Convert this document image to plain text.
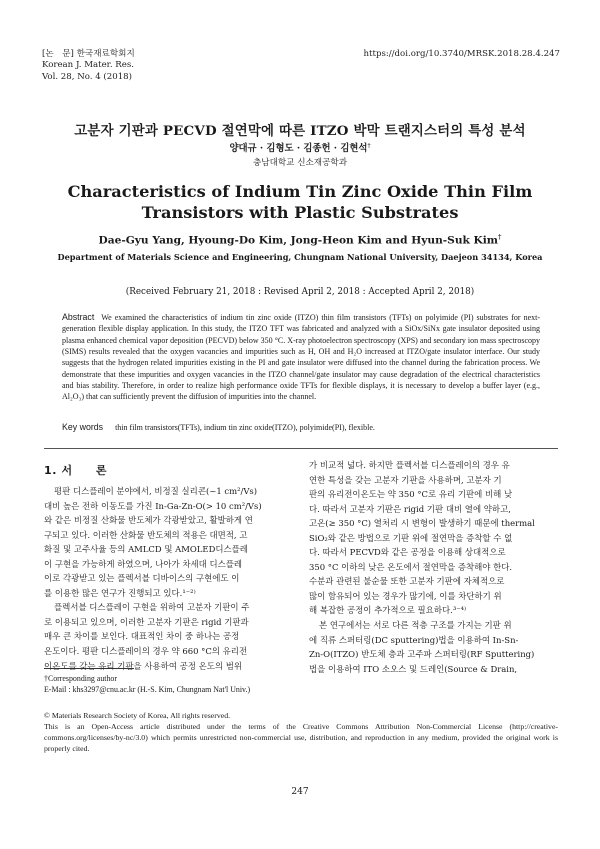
[논　문] 한국재료학회지
Korean J. Mater. Res.
Vol. 28, No. 4 (2018)
https://doi.org/10.3740/MRSK.2018.28.4.247
고분자 기판과 PECVD 절연막에 따른 ITZO 박막 트랜지스터의 특성 분석
양대규 · 김형도 · 김종헌 · 김현석†
충남대학교 신소재공학과
Characteristics of Indium Tin Zinc Oxide Thin Film Transistors with Plastic Substrates
Dae-Gyu Yang, Hyoung-Do Kim, Jong-Heon Kim and Hyun-Suk Kim†
Department of Materials Science and Engineering, Chungnam National University, Daejeon 34134, Korea
(Received February 21, 2018 : Revised April 2, 2018 : Accepted April 2, 2018)
Abstract We examined the characteristics of indium tin zinc oxide (ITZO) thin film transistors (TFTs) on polyimide (PI) substrates for next-generation flexible display application. In this study, the ITZO TFT was fabricated and analyzed with a SiOx/SiNx gate insulator deposited using plasma enhanced chemical vapor deposition (PECVD) below 350 °C. X-ray photoelectron spectroscopy (XPS) and secondary ion mass spectroscopy (SIMS) results revealed that the oxygen vacancies and impurities such as H, OH and H₂O increased at ITZO/gate insulator interface. Our study suggests that the hydrogen related impurities existing in the PI and gate insulator were diffused into the channel during the fabrication process. We demonstrate that these impurities and oxygen vacancies in the ITZO channel/gate insulator may cause degradation of the electrical characteristics and bias stability. Therefore, in order to realize high performance oxide TFTs for flexible displays, it is necessary to develop a buffer layer (e.g., Al₂O₃) that can sufficiently prevent the diffusion of impurities into the channel.
Key words thin film transistors(TFTs), indium tin zinc oxide(ITZO), polyimide(PI), flexible.
1. 서　　론
평판 디스플레이 분야에서, 비정질 실리콘(~1 cm²/Vs)
대비 높은 전하 이동도를 가진 In-Ga-Zn-O(> 10 cm²/Vs)
와 같은 비정질 산화물 반도체가 각광받았고, 활발하게 연
구되고 있다. 이러한 산화물 반도체의 적용은 대면적, 고
화질 및 고주사율 등의 AMLCD 및 AMOLED디스플레
이 구현을 가능하게 하였으며, 나아가 차세대 디스플레
이로 각광받고 있는 플렉서블 디바이스의 구현에도 이
를 이용한 많은 연구가 진행되고 있다.¹⁻²⁾
플렉서블 디스플레이 구현을 위하여 고분자 기판이 주
로 이용되고 있으며, 이러한 고분자 기판은 rigid 기판과
매우 큰 차이를 보인다. 대표적인 차이 중 하나는 공정
온도이다. 평판 디스플레이의 경우 약 660 °C의 유리전
이온도를 갖는 유리 기판을 사용하여 공정 온도의 범위
가 비교적 넓다. 하지만 플렉서블 디스플레이의 경우 유
연한 특성을 갖는 고분자 기판을 사용하며, 고분자 기
판의 유리전이온도는 약 350 °C로 유리 기판에 비해 낮
다. 따라서 고분자 기판은 rigid 기판 대비 열에 약하고,
고온(≥ 350 °C) 열처리 시 변형이 발생하기 때문에 thermal
SiO₂와 같은 방법으로 기판 위에 절연막을 증착할 수 없
다. 따라서 PECVD와 같은 공정을 이용해 상대적으로
350 °C 이하의 낮은 온도에서 절연막을 증착해야 한다.
수분과 관련된 불순물 또한 고분자 기판에 자체적으로
많이 함유되어 있는 경우가 많기에, 이를 차단하기 위
해 복잡한 공정이 추가적으로 필요하다.³⁻⁴⁾
본 연구에서는 서로 다른 적층 구조를 가지는 기판 위
에 직류 스퍼터링(DC sputtering)법을 이용하여 In-Sn-
Zn-O(ITZO) 반도체 층과 고주파 스퍼터링(RF Sputtering)
법을 이용하여 ITO 소오스 및 드레인(Source & Drain,
†Corresponding author
E-Mail : khs3297@cnu.ac.kr (H.-S. Kim, Chungnam Nat'l Univ.)
© Materials Research Society of Korea, All rights reserved.
This is an Open-Access article distributed under the terms of the Creative Commons Attribution Non-Commercial License (http://creative-commons.org/licenses/by-nc/3.0) which permits unrestricted non-commercial use, distribution, and reproduction in any medium, provided the original work is properly cited.
247
